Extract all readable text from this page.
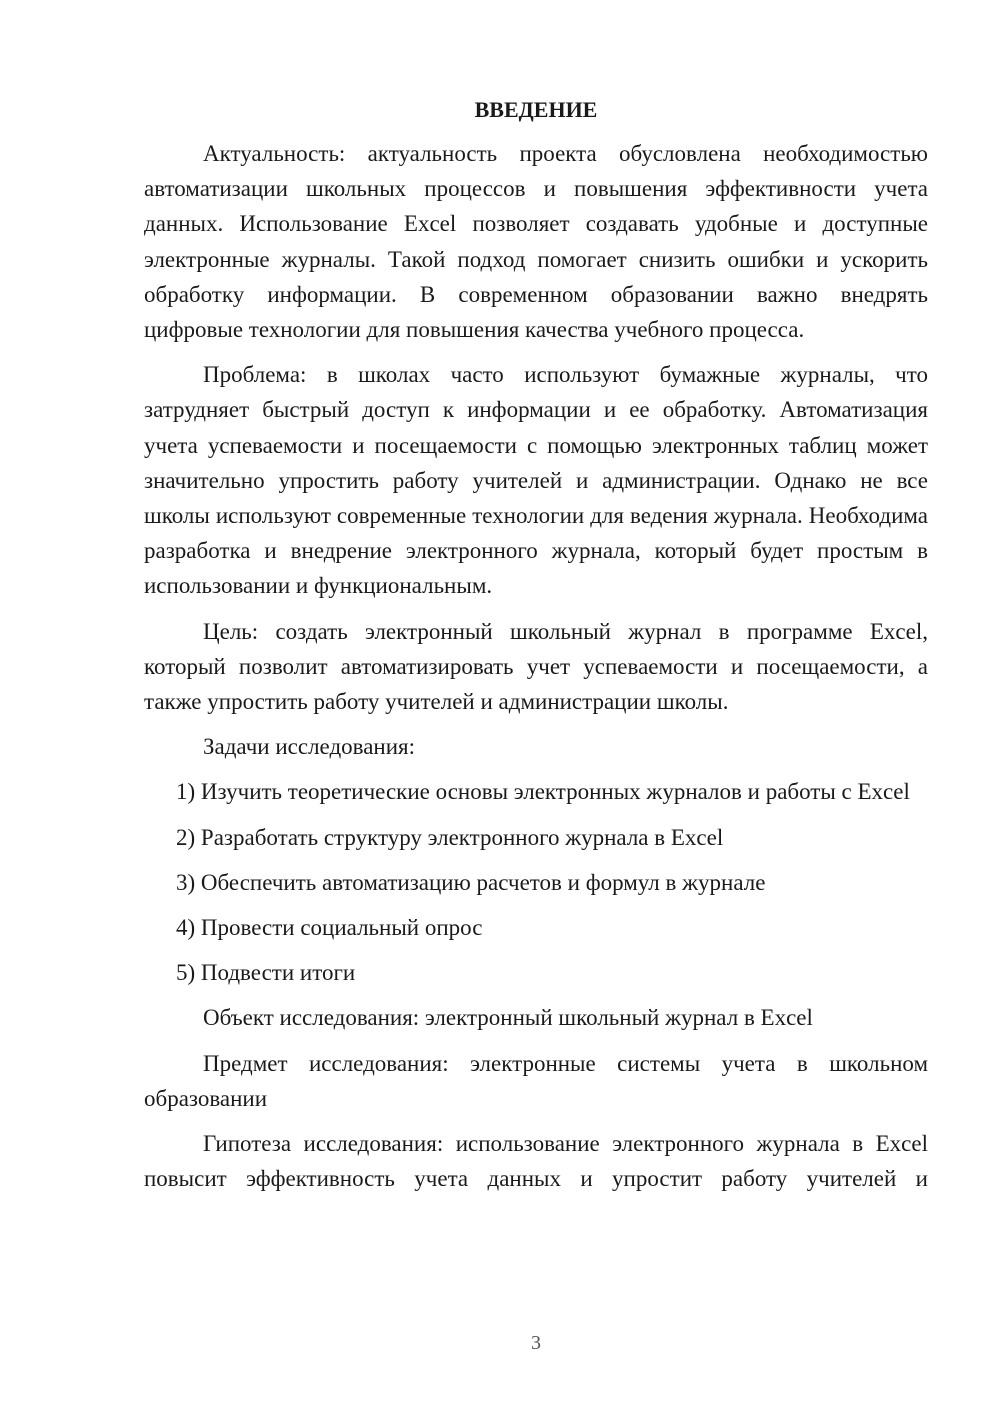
ВВЕДЕНИЕ

Актуальность: актуальность проекта обусловлена необходимостью автоматизации школьных процессов и повышения эффективности учета данных. Использование Excel позволяет создавать удобные и доступные электронные журналы. Такой подход помогает снизить ошибки и ускорить обработку информации. В современном образовании важно внедрять цифровые технологии для повышения качества учебного процесса.

Проблема: в школах часто используют бумажные журналы, что затрудняет быстрый доступ к информации и ее обработку. Автоматизация учета успеваемости и посещаемости с помощью электронных таблиц может значительно упростить работу учителей и администрации. Однако не все школы используют современные технологии для ведения журнала. Необходима разработка и внедрение электронного журнала, который будет простым в использовании и функциональным.

Цель: создать электронный школьный журнал в программе Excel, который позволит автоматизировать учет успеваемости и посещаемости, а также упростить работу учителей и администрации школы.

Задачи исследования:

1) Изучить теоретические основы электронных журналов и работы с Excel

2) Разработать структуру электронного журнала в Excel

3) Обеспечить автоматизацию расчетов и формул в журнале

4) Провести социальный опрос

5) Подвести итоги

Объект исследования: электронный школьный журнал в Excel

Предмет исследования: электронные системы учета в школьном образовании

Гипотеза исследования: использование электронного журнала в Excel повысит эффективность учета данных и упростит работу учителей и

3
